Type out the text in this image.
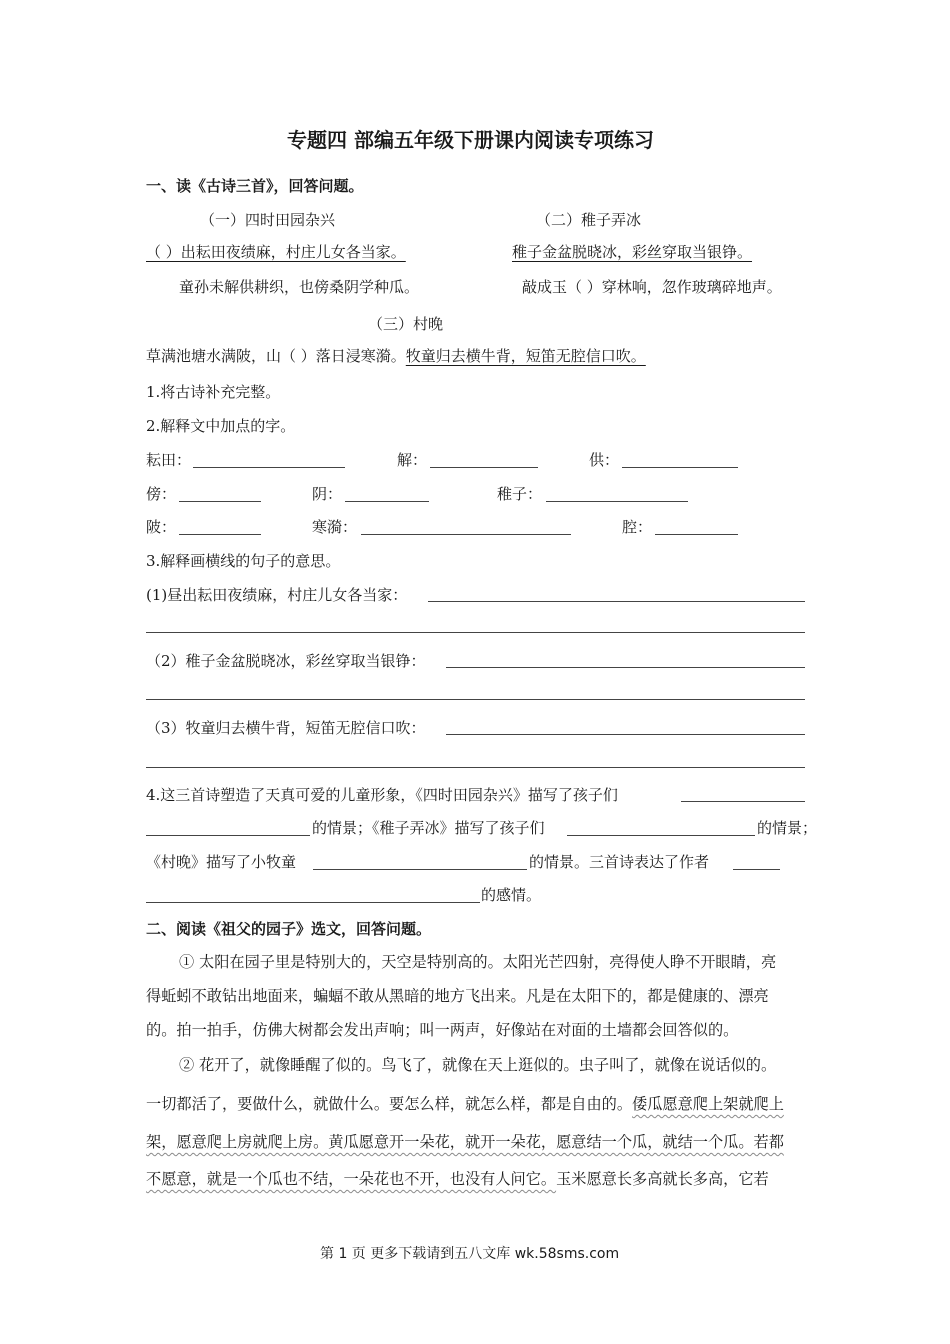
专题四 部编五年级下册课内阅读专项练习
一、读《古诗三首》，回答问题。
（一）四时田园杂兴	（二）稚子弄冰
（ ）出耘田夜绩麻，村庄儿女各当家。	稚子金盆脱晓冰，彩丝穿取当银铮。
童孙未解供耕织，也傍桑阴学种瓜。	敲成玉（ ）穿林响，忽作玻璃碎地声。
（三）村晚
草满池塘水满陂，山（ ）落日浸寒漪。牧童归去横牛背，短笛无腔信口吹。
1.将古诗补充完整。
2.解释文中加点的字。
耘田：	解：	供：
傍：	阴：	稚子：
陂：	寒漪：	腔：
3.解释画横线的句子的意思。
(1)昼出耘田夜绩麻，村庄儿女各当家：
（2）稚子金盆脱晓冰，彩丝穿取当银铮：
（3）牧童归去横牛背，短笛无腔信口吹：
4.这三首诗塑造了天真可爱的儿童形象，《四时田园杂兴》描写了孩子们
的情景；《稚子弄冰》描写了孩子们	的情景；
《村晚》描写了小牧童	的情景。三首诗表达了作者
的感情。
二、阅读《祖父的园子》选文，回答问题。
① 太阳在园子里是特别大的，天空是特别高的。太阳光芒四射，亮得使人睁不开眼睛，亮
得蚯蚓不敢钻出地面来，蝙蝠不敢从黑暗的地方飞出来。凡是在太阳下的，都是健康的、漂亮
的。拍一拍手，仿佛大树都会发出声响；叫一两声，好像站在对面的土墙都会回答似的。
② 花开了，就像睡醒了似的。鸟飞了，就像在天上逛似的。虫子叫了，就像在说话似的。
一切都活了，要做什么，就做什么。要怎么样，就怎么样，都是自由的。倭瓜愿意爬上架就爬上
架，愿意爬上房就爬上房。黄瓜愿意开一朵花，就开一朵花，愿意结一个瓜，就结一个瓜。若都
不愿意，就是一个瓜也不结，一朵花也不开，也没有人问它。玉米愿意长多高就长多高，它若
第 1 页 更多下载请到五八文库 wk.58sms.com
